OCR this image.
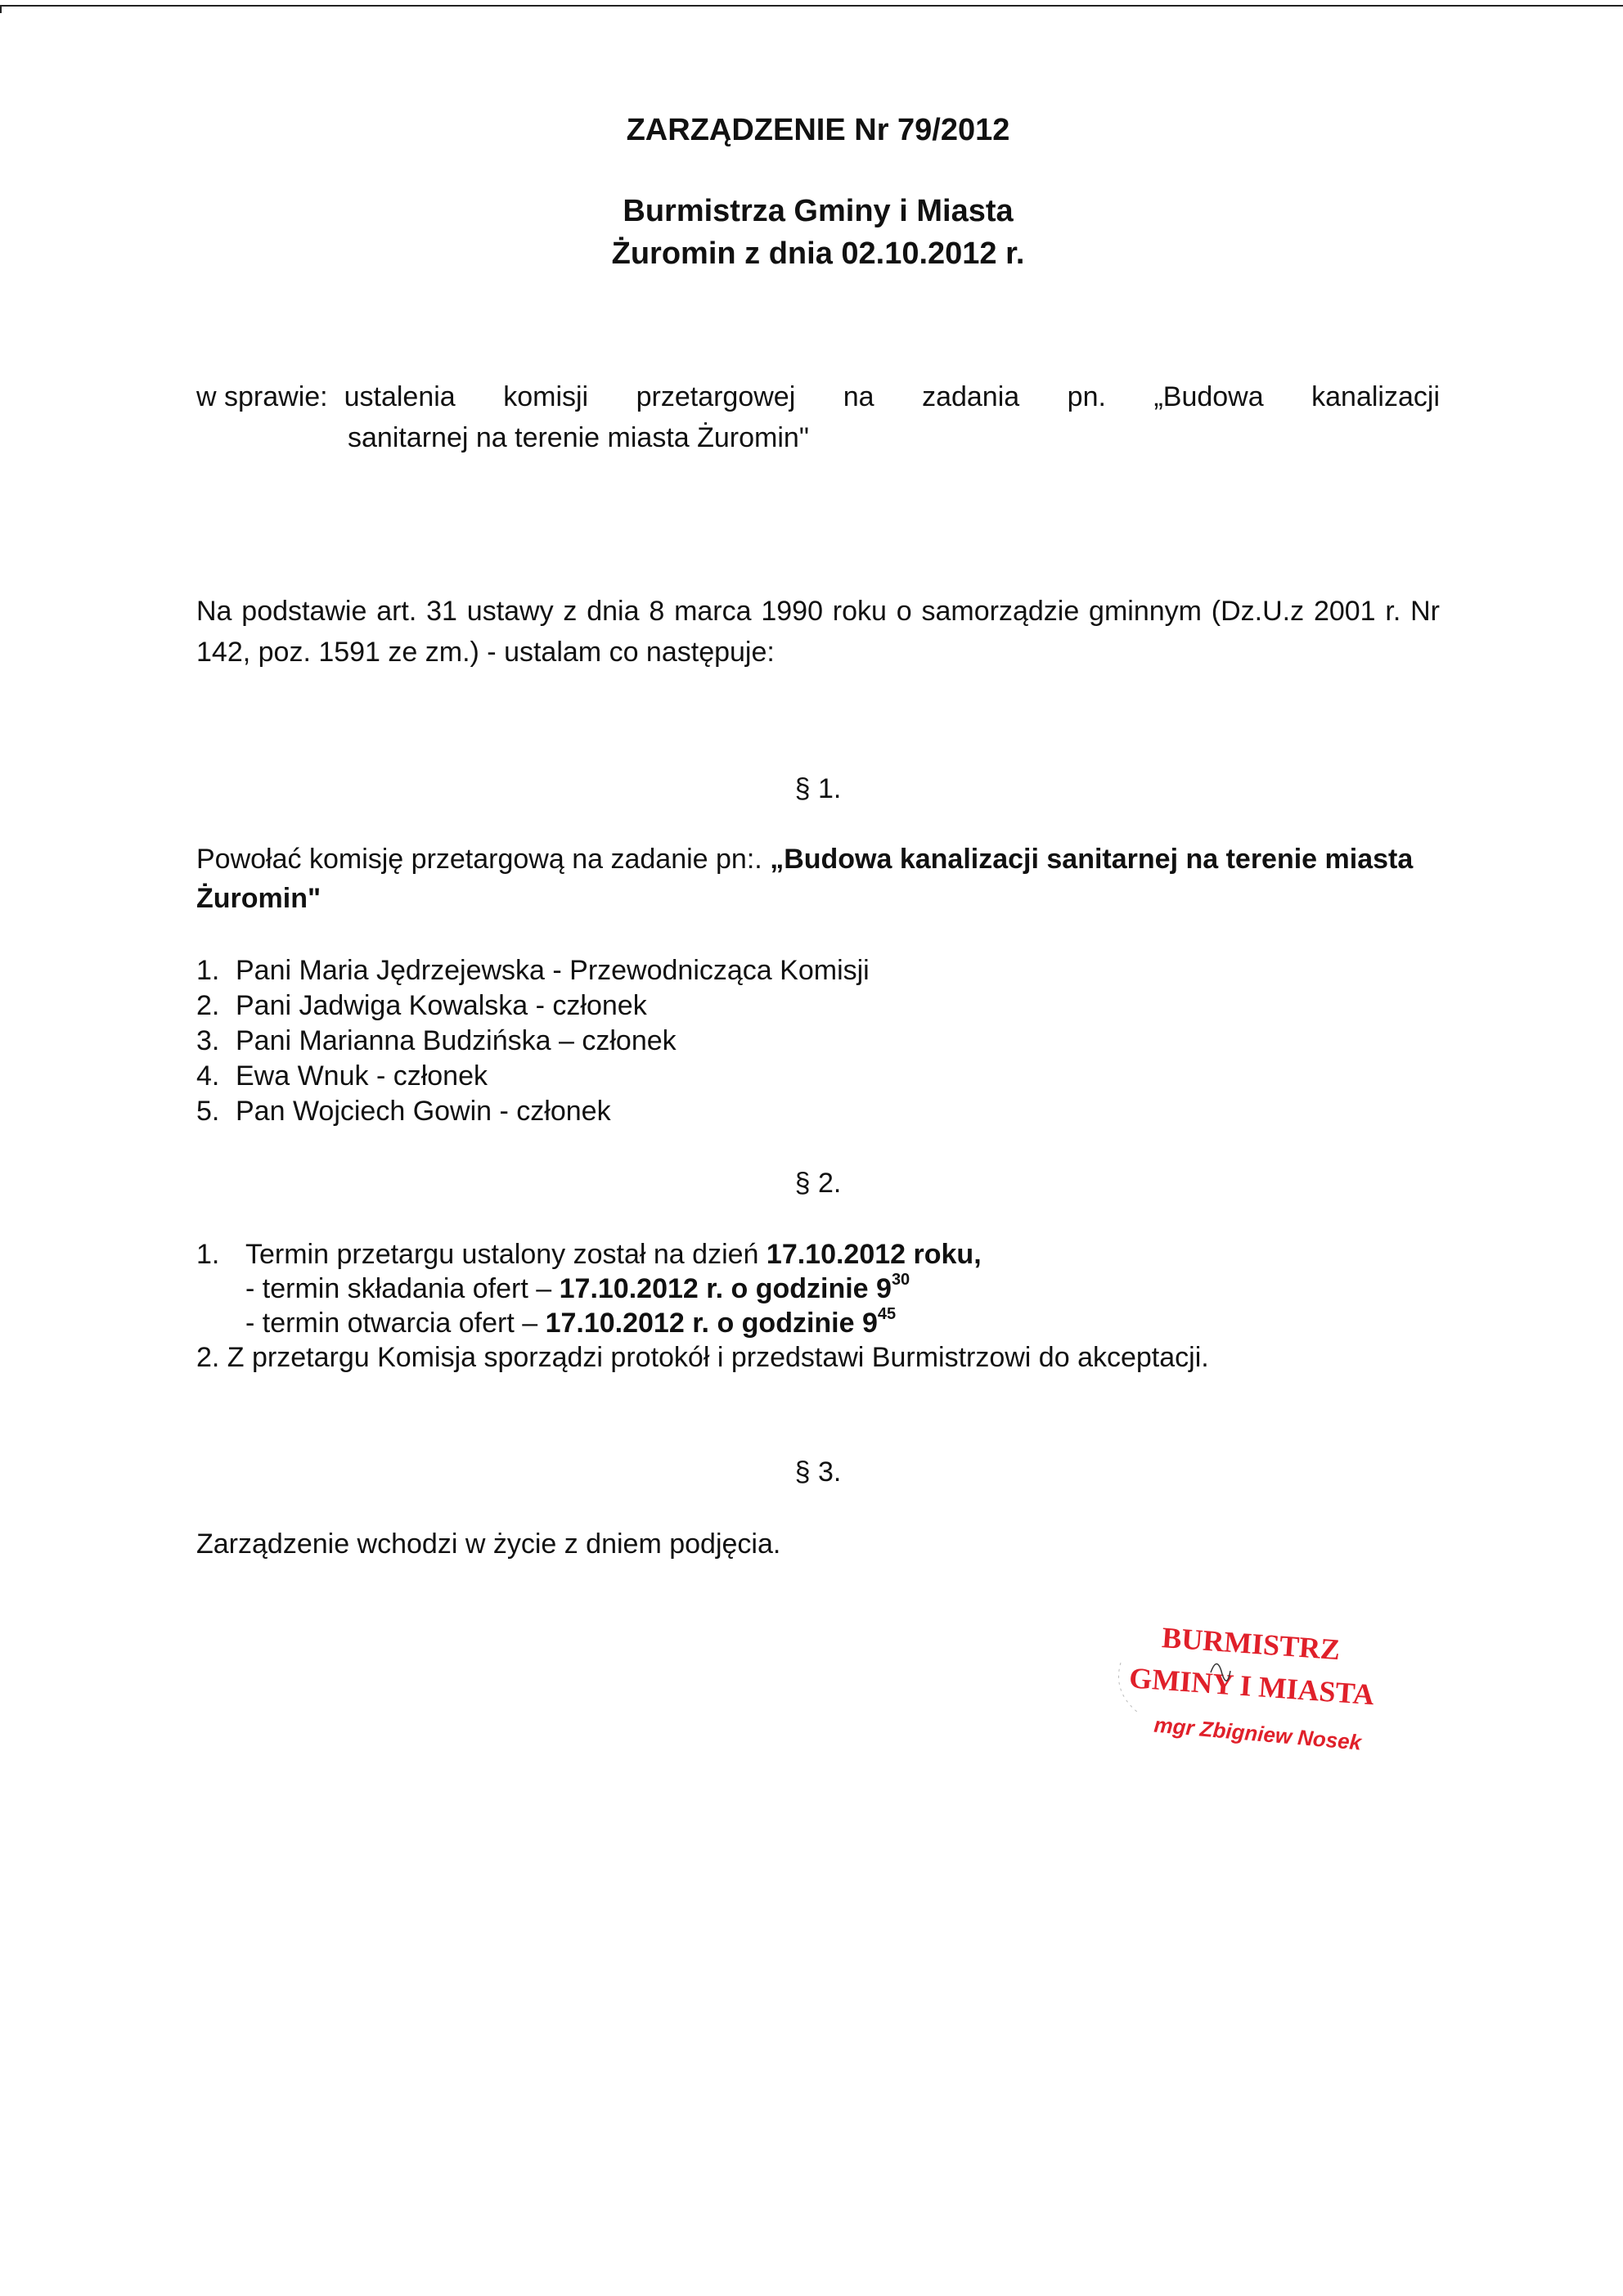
ZARZĄDZENIE Nr 79/2012
Burmistrza Gminy i Miasta
Żuromin z dnia 02.10.2012 r.
w sprawie: ustalenia komisji przetargowej na zadania pn. „Budowa kanalizacji
sanitarnej na terenie miasta Żuromin"
Na podstawie art. 31 ustawy z dnia 8 marca 1990 roku o samorządzie gminnym (Dz.U.z 2001 r. Nr 142, poz. 1591 ze zm.) - ustalam co następuje:
§ 1.
Powołać komisję przetargową na zadanie pn:. „Budowa kanalizacji sanitarnej na terenie miasta Żuromin"
1. Pani Maria Jędrzejewska - Przewodnicząca Komisji
2. Pani Jadwiga Kowalska - członek
3. Pani Marianna Budzińska – członek
4. Ewa Wnuk - członek
5. Pan Wojciech Gowin - członek
§ 2.
1. Termin przetargu ustalony został na dzień 17.10.2012 roku,
- termin składania ofert – 17.10.2012 r. o godzinie $9^{30}$
- termin otwarcia ofert – 17.10.2012 r. o godzinie $9^{45}$
2. Z przetargu Komisja sporządzi protokół i przedstawi Burmistrzowi do akceptacji.
§ 3.
Zarządzenie wchodzi w życie z dniem podjęcia.
BURMISTRZ
GMINY I MIASTA
mgr Zbigniew Nosek
